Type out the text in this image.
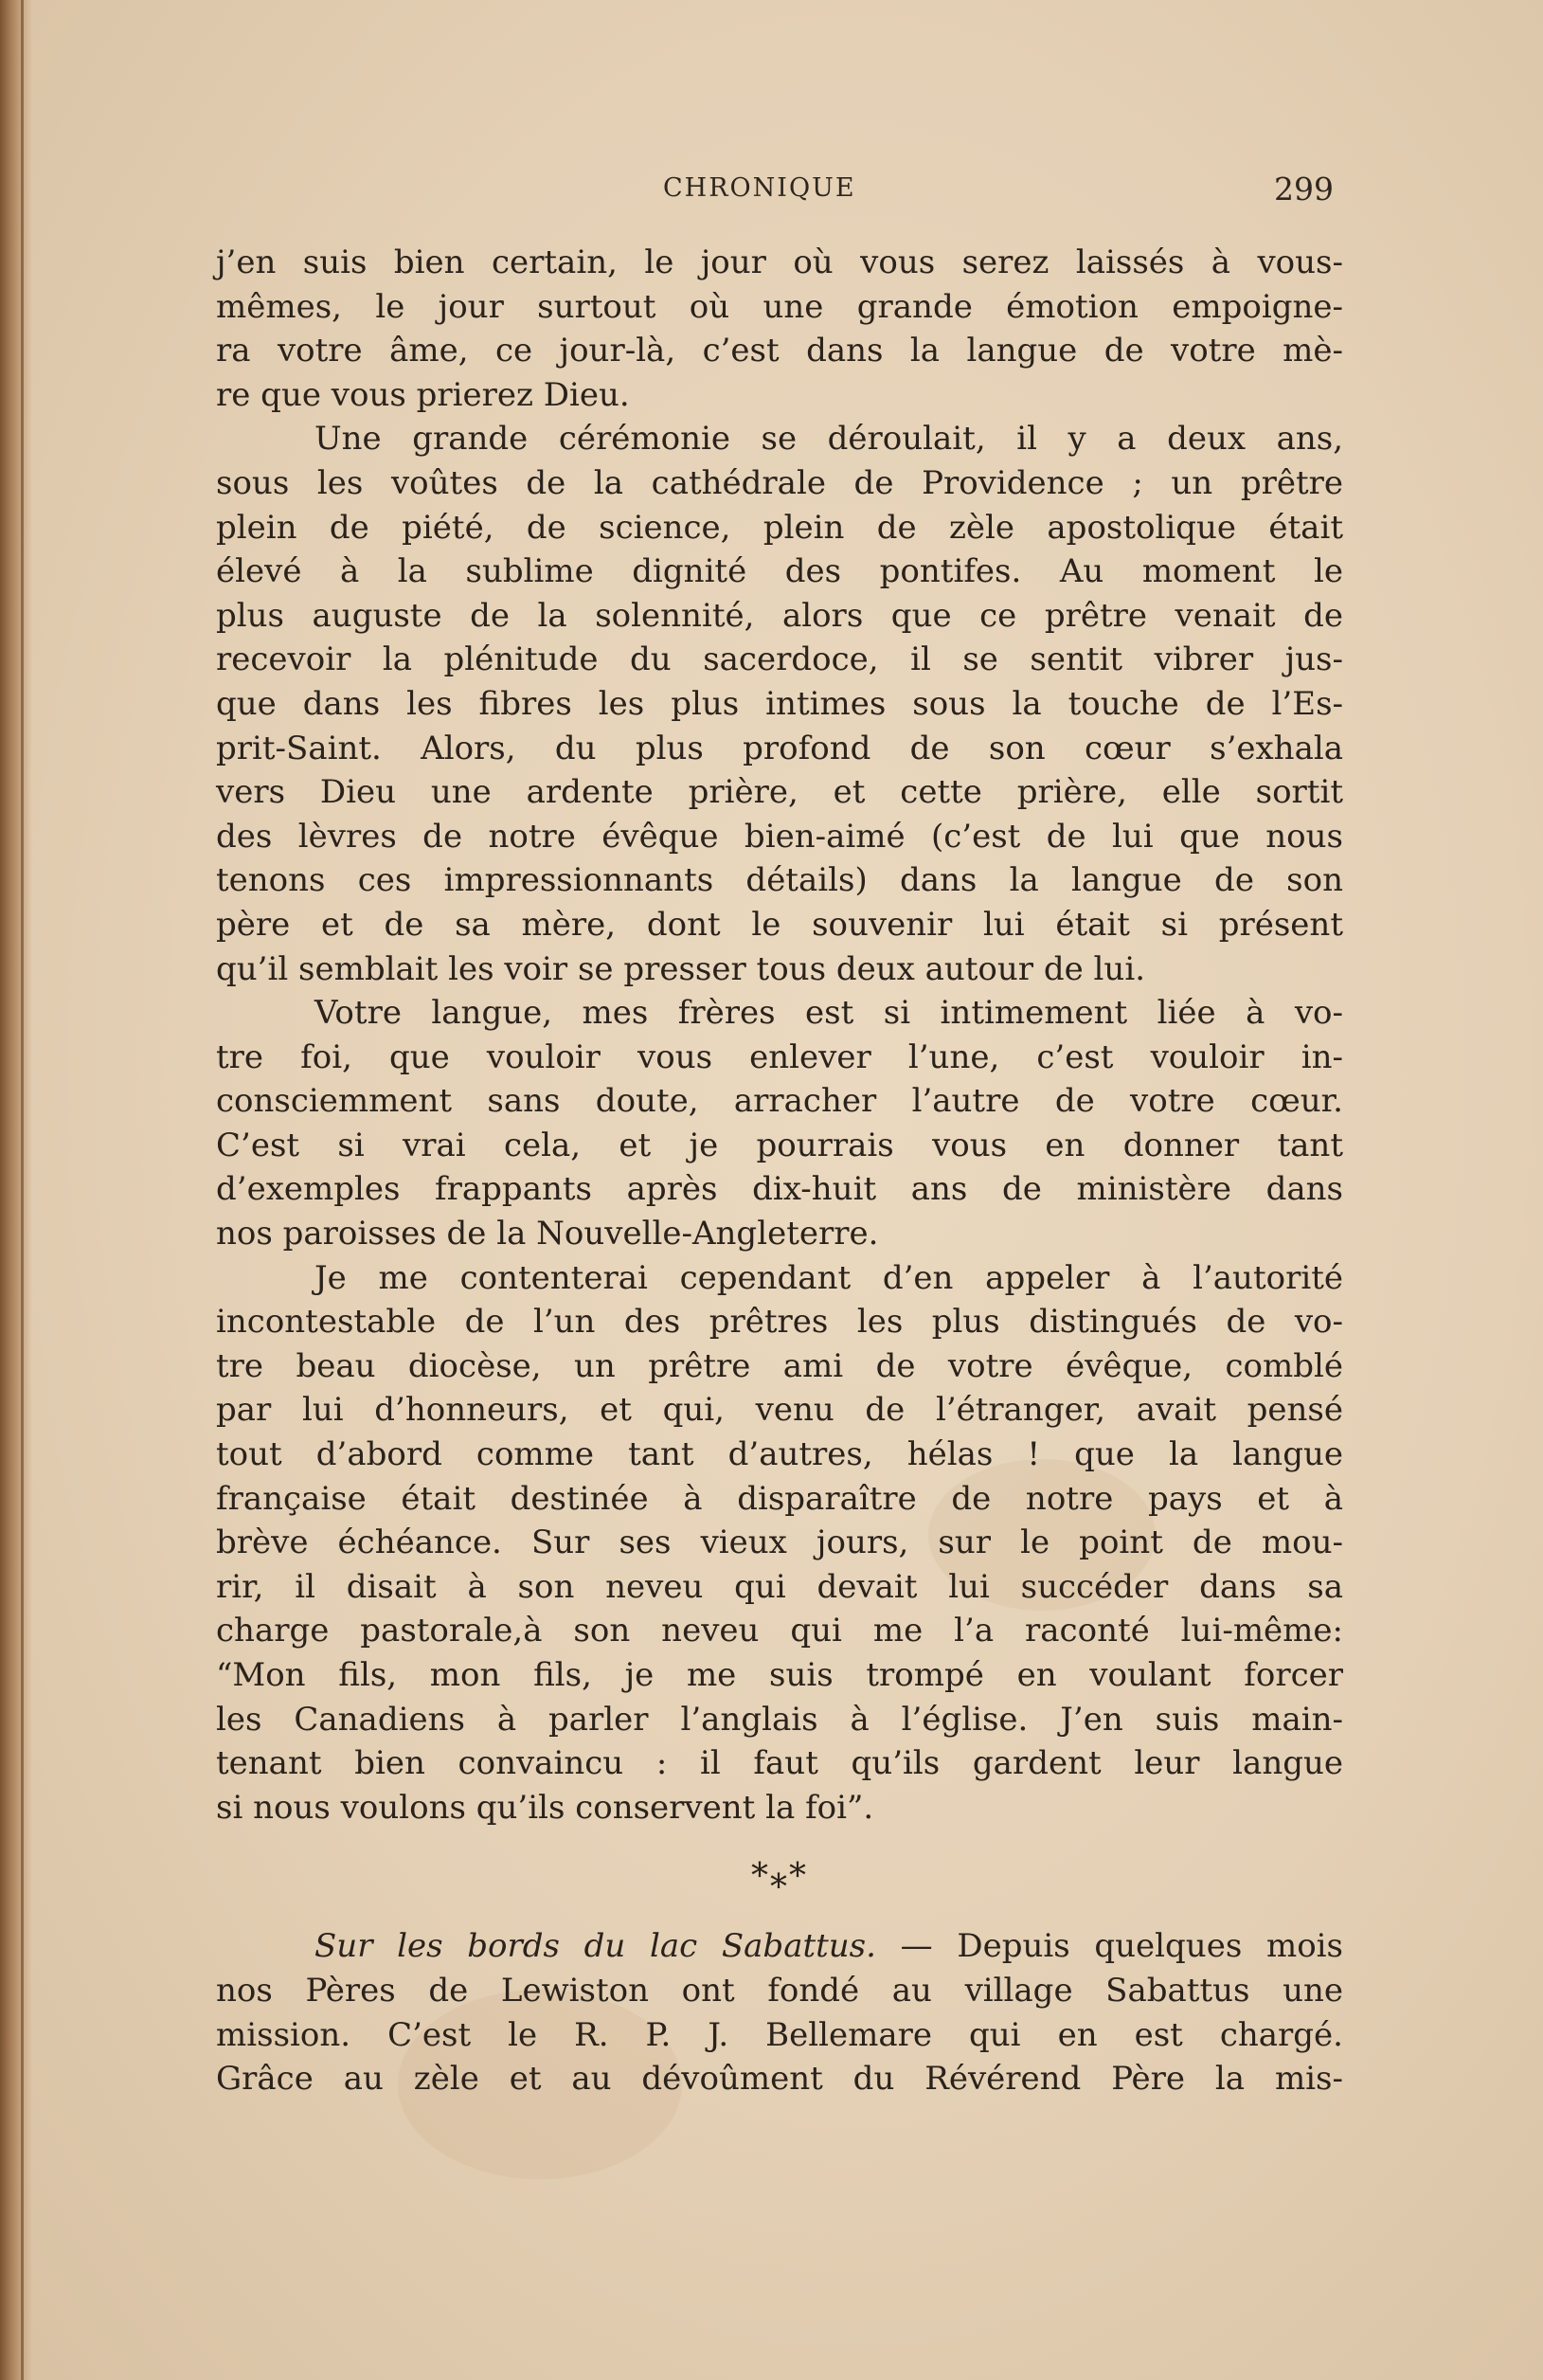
CHRONIQUE	299
j’en suis bien certain, le jour où vous serez laissés à vous-
mêmes, le jour surtout où une grande émotion empoigne-
ra votre âme, ce jour-là, c’est dans la langue de votre mè-
re que vous prierez Dieu.
Une grande cérémonie se déroulait, il y a deux ans,
sous les voûtes de la cathédrale de Providence ; un prêtre
plein de piété, de science, plein de zèle apostolique était
élevé à la sublime dignité des pontifes. Au moment le
plus auguste de la solennité, alors que ce prêtre venait de
recevoir la plénitude du sacerdoce, il se sentit vibrer jus-
que dans les fibres les plus intimes sous la touche de l’Es-
prit-Saint. Alors, du plus profond de son cœur s’exhala
vers Dieu une ardente prière, et cette prière, elle sortit
des lèvres de notre évêque bien-aimé (c’est de lui que nous
tenons ces impressionnants détails) dans la langue de son
père et de sa mère, dont le souvenir lui était si présent
qu’il semblait les voir se presser tous deux autour de lui.
Votre langue, mes frères est si intimement liée à vo-
tre foi, que vouloir vous enlever l’une, c’est vouloir in-
consciemment sans doute, arracher l’autre de votre cœur.
C’est si vrai cela, et je pourrais vous en donner tant
d’exemples frappants après dix-huit ans de ministère dans
nos paroisses de la Nouvelle-Angleterre.
Je me contenterai cependant d’en appeler à l’autorité
incontestable de l’un des prêtres les plus distingués de vo-
tre beau diocèse, un prêtre ami de votre évêque, comblé
par lui d’honneurs, et qui, venu de l’étranger, avait pensé
tout d’abord comme tant d’autres, hélas ! que la langue
française était destinée à disparaître de notre pays et à
brève échéance. Sur ses vieux jours, sur le point de mou-
rir, il disait à son neveu qui devait lui succéder dans sa
charge pastorale,à son neveu qui me l’a raconté lui-même:
“Mon fils, mon fils, je me suis trompé en voulant forcer
les Canadiens à parler l’anglais à l’église. J’en suis main-
tenant bien convaincu : il faut qu’ils gardent leur langue
si nous voulons qu’ils conservent la foi”.
*⁎*
Sur les bords du lac Sabattus. — Depuis quelques mois
nos Pères de Lewiston ont fondé au village Sabattus une
mission. C’est le R. P. J. Bellemare qui en est chargé.
Grâce au zèle et au dévoûment du Révérend Père la mis-
